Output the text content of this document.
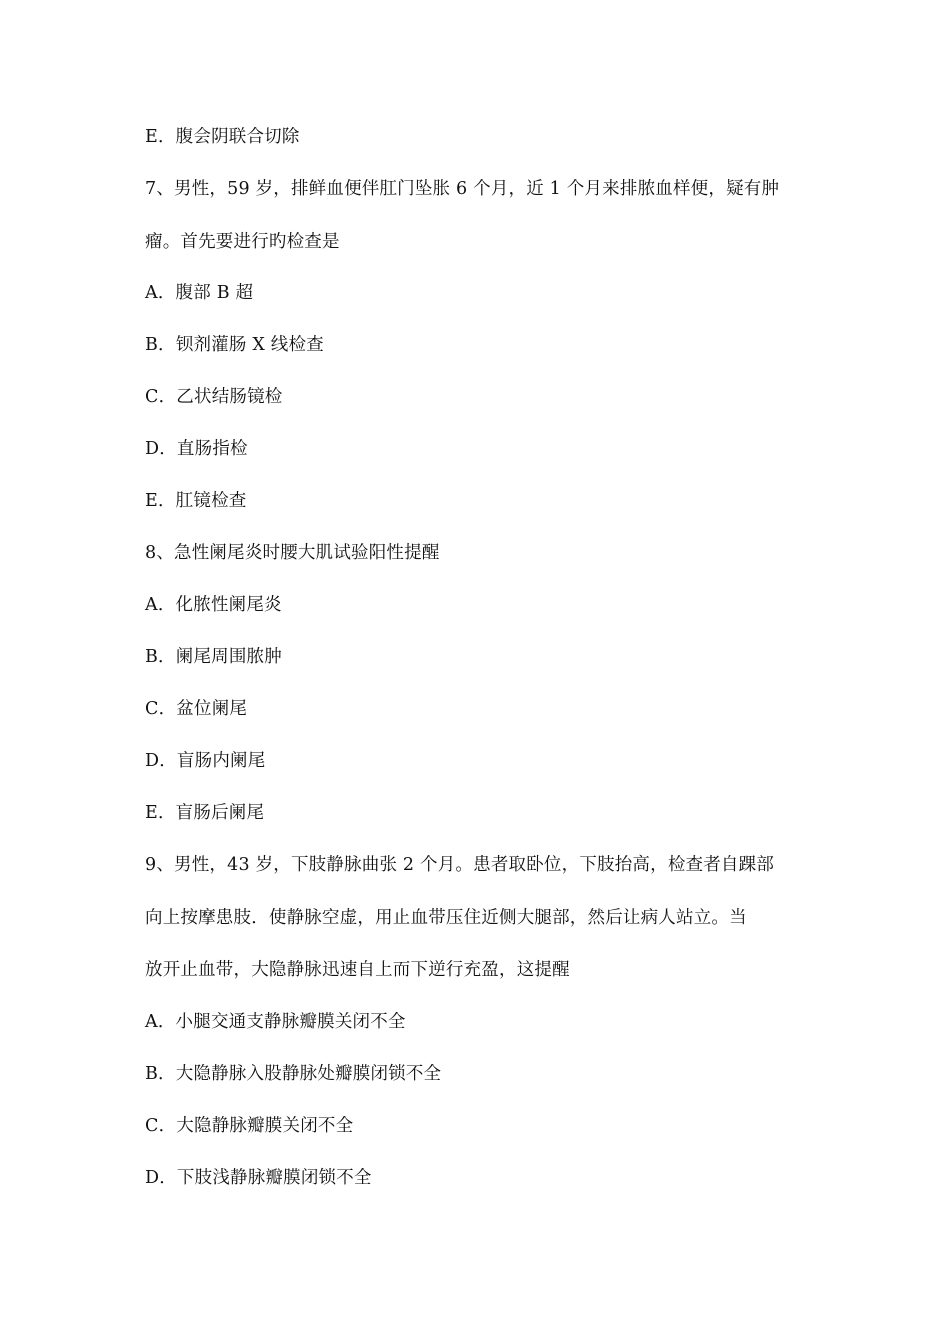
E．腹会阴联合切除
7、男性，59 岁，排鲜血便伴肛门坠胀 6 个月，近 1 个月来排脓血样便，疑有肿
瘤。首先要进行旳检查是
A．腹部 B 超
B．钡剂灌肠 X 线检查
C．乙状结肠镜检
D．直肠指检
E．肛镜检查
8、急性阑尾炎时腰大肌试验阳性提醒
A．化脓性阑尾炎
B．阑尾周围脓肿
C．盆位阑尾
D．盲肠内阑尾
E．盲肠后阑尾
9、男性，43 岁，下肢静脉曲张 2 个月。患者取卧位，下肢抬高，检查者自踝部
向上按摩患肢．使静脉空虚，用止血带压住近侧大腿部，然后让病人站立。当
放开止血带，大隐静脉迅速自上而下逆行充盈，这提醒
A．小腿交通支静脉瓣膜关闭不全
B．大隐静脉入股静脉处瓣膜闭锁不全
C．大隐静脉瓣膜关闭不全
D．下肢浅静脉瓣膜闭锁不全
